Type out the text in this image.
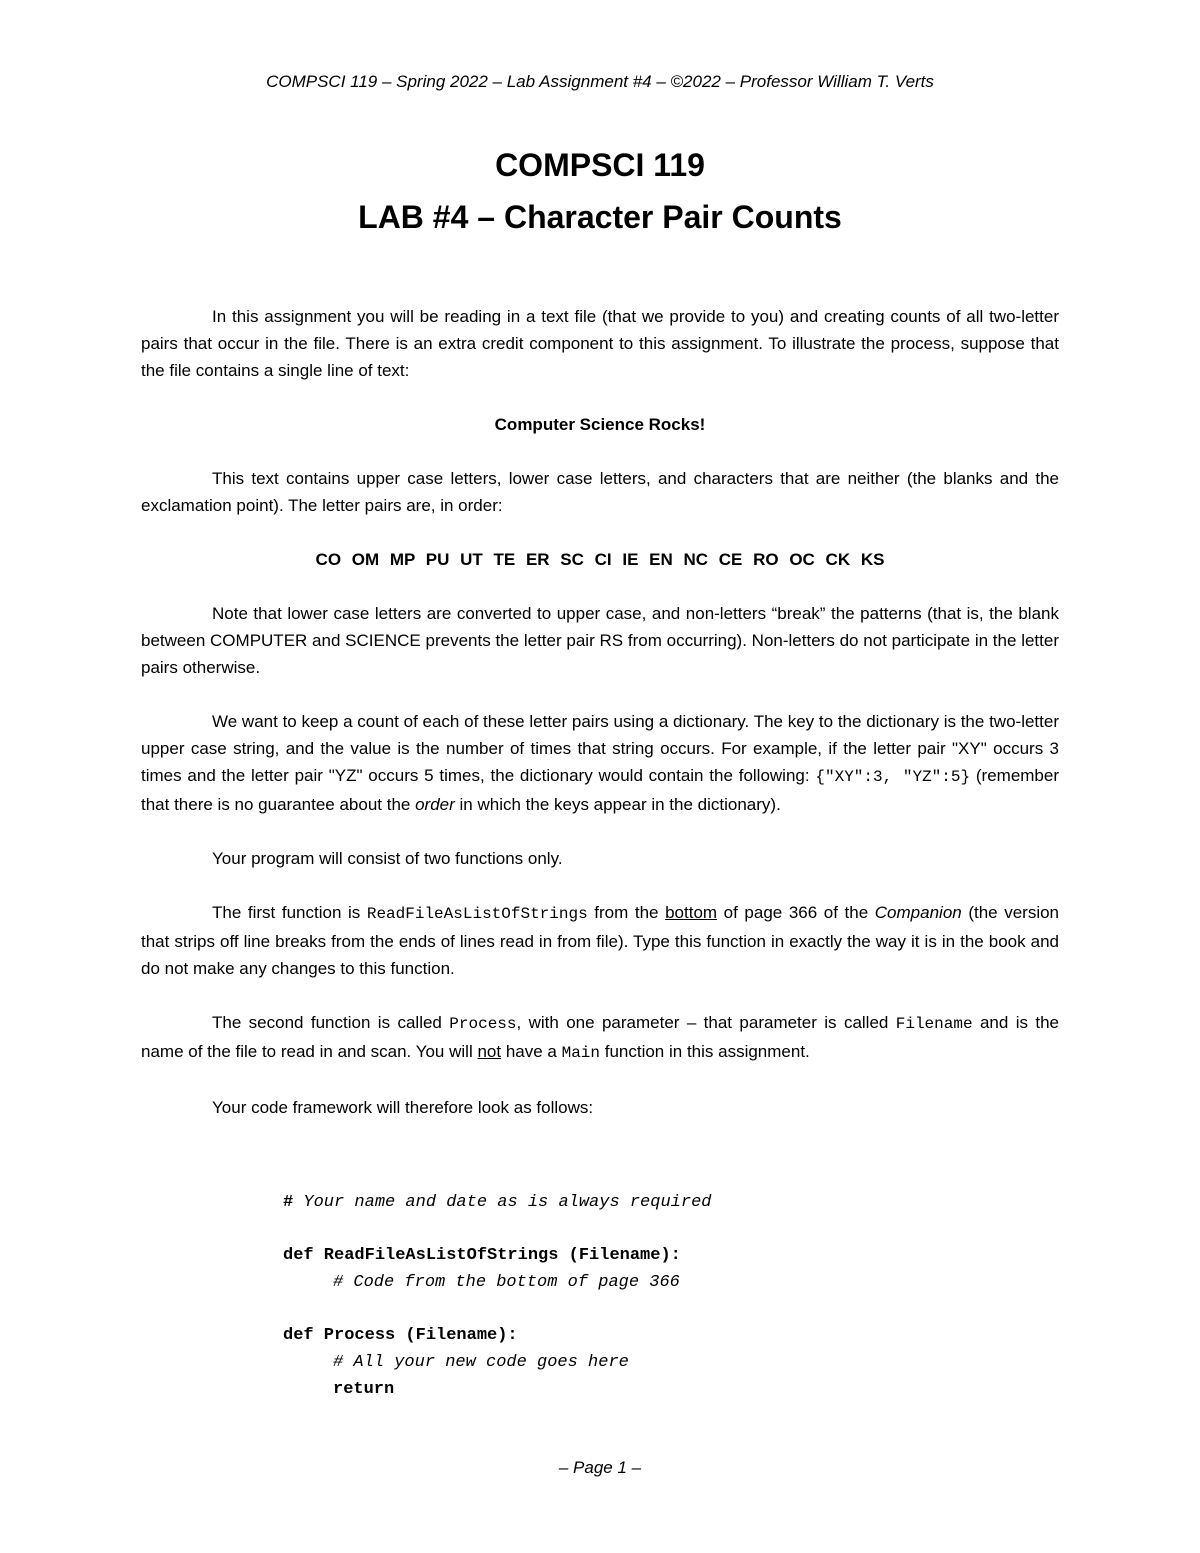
COMPSCI 119 – Spring 2022 – Lab Assignment #4 – ©2022 – Professor William T. Verts
COMPSCI 119
LAB #4 – Character Pair Counts

In this assignment you will be reading in a text file (that we provide to you) and creating counts of all two-letter pairs that occur in the file. There is an extra credit component to this assignment. To illustrate the process, suppose that the file contains a single line of text:

Computer Science Rocks!

This text contains upper case letters, lower case letters, and characters that are neither (the blanks and the exclamation point). The letter pairs are, in order:

CO OM MP PU UT TE ER SC CI IE EN NC CE RO OC CK KS

Note that lower case letters are converted to upper case, and non-letters “break” the patterns (that is, the blank between COMPUTER and SCIENCE prevents the letter pair RS from occurring). Non-letters do not participate in the letter pairs otherwise.

We want to keep a count of each of these letter pairs using a dictionary. The key to the dictionary is the two-letter upper case string, and the value is the number of times that string occurs. For example, if the letter pair "XY" occurs 3 times and the letter pair "YZ" occurs 5 times, the dictionary would contain the following: {"XY":3, "YZ":5} (remember that there is no guarantee about the order in which the keys appear in the dictionary).

Your program will consist of two functions only.

The first function is ReadFileAsListOfStrings from the bottom of page 366 of the Companion (the version that strips off line breaks from the ends of lines read in from file). Type this function in exactly the way it is in the book and do not make any changes to this function.

The second function is called Process, with one parameter – that parameter is called Filename and is the name of the file to read in and scan. You will not have a Main function in this assignment.

Your code framework will therefore look as follows:

# Your name and date as is always required
def ReadFileAsListOfStrings (Filename):
# Code from the bottom of page 366
def Process (Filename):
# All your new code goes here
return
– Page 1 –
